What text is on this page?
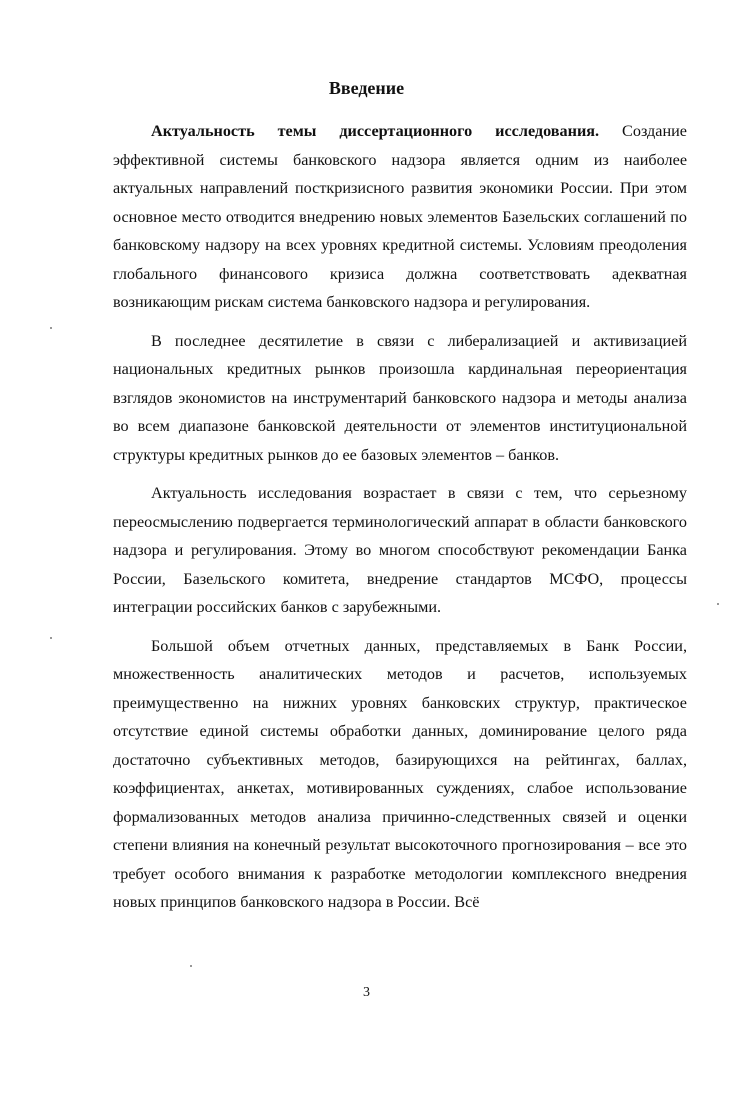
Введение

Актуальность темы диссертационного исследования. Создание эффективной системы банковского надзора является одним из наиболее актуальных направлений посткризисного развития экономики России. При этом основное место отводится внедрению новых элементов Базельских соглашений по банковскому надзору на всех уровнях кредитной системы. Условиям преодоления глобального финансового кризиса должна соответствовать адекватная возникающим рискам система банковского надзора и регулирования.

В последнее десятилетие в связи с либерализацией и активизацией национальных кредитных рынков произошла кардинальная переориентация взглядов экономистов на инструментарий банковского надзора и методы анализа во всем диапазоне банковской деятельности от элементов институциональной структуры кредитных рынков до ее базовых элементов – банков.

Актуальность исследования возрастает в связи с тем, что серьезному переосмыслению подвергается терминологический аппарат в области банковского надзора и регулирования. Этому во многом способствуют рекомендации Банка России, Базельского комитета, внедрение стандартов МСФО, процессы интеграции российских банков с зарубежными.

Большой объем отчетных данных, представляемых в Банк России, множественность аналитических методов и расчетов, используемых преимущественно на нижних уровнях банковских структур, практическое отсутствие единой системы обработки данных, доминирование целого ряда достаточно субъективных методов, базирующихся на рейтингах, баллах, коэффициентах, анкетах, мотивированных суждениях, слабое использование формализованных методов анализа причинно-следственных связей и оценки степени влияния на конечный результат высокоточного прогнозирования – все это требует особого внимания к разработке методологии комплексного внедрения новых принципов банковского надзора в России. Всё

3
